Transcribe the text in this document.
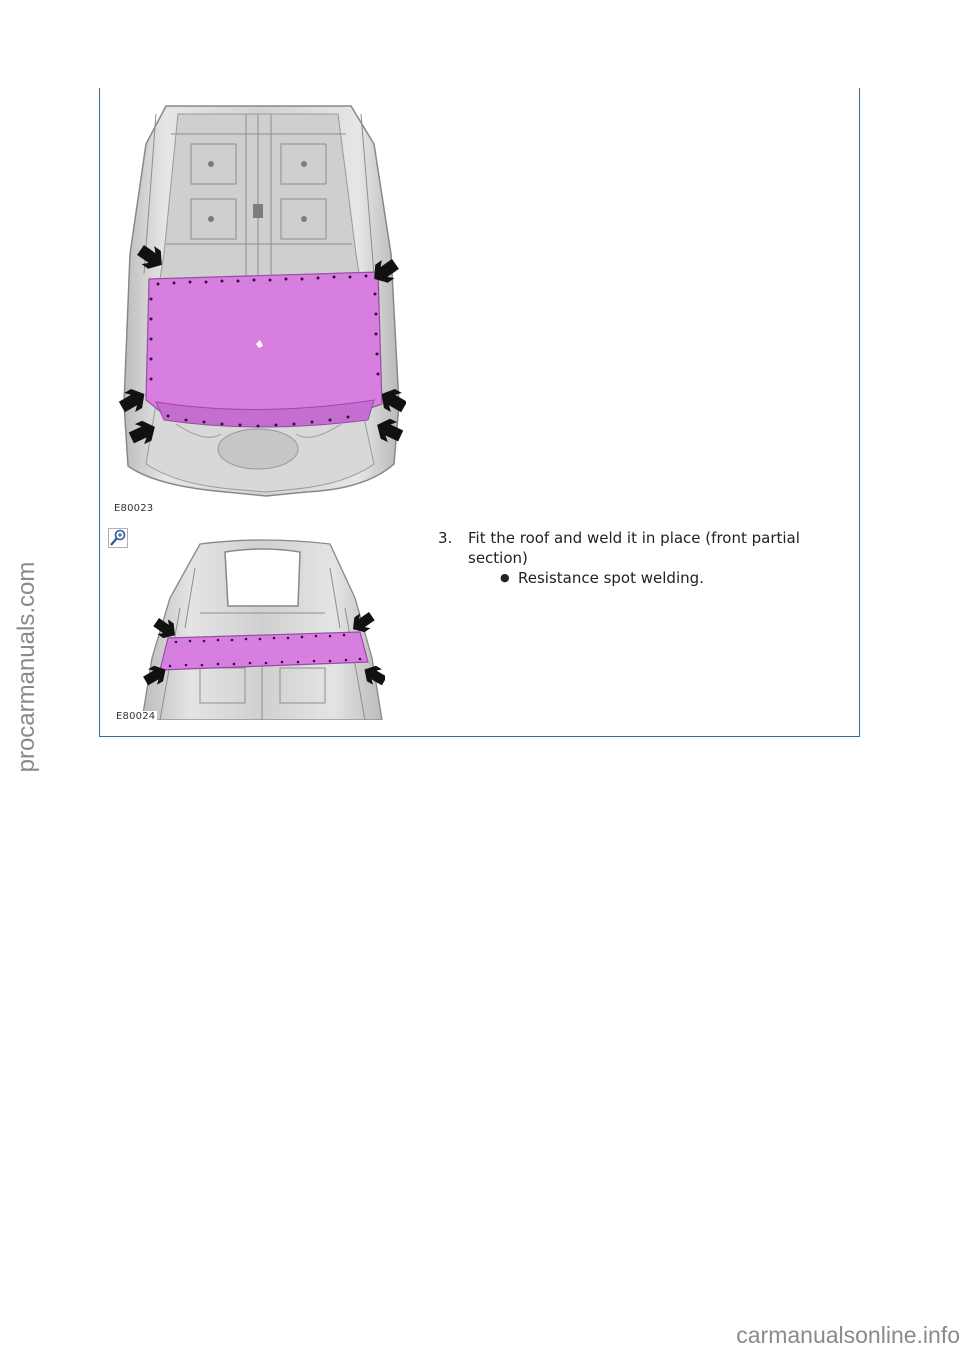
E80023
E80024
3. Fit the roof and weld it in place (front partial section)
● Resistance spot welding.
procarmanuals.com
carmanualsonline.info
